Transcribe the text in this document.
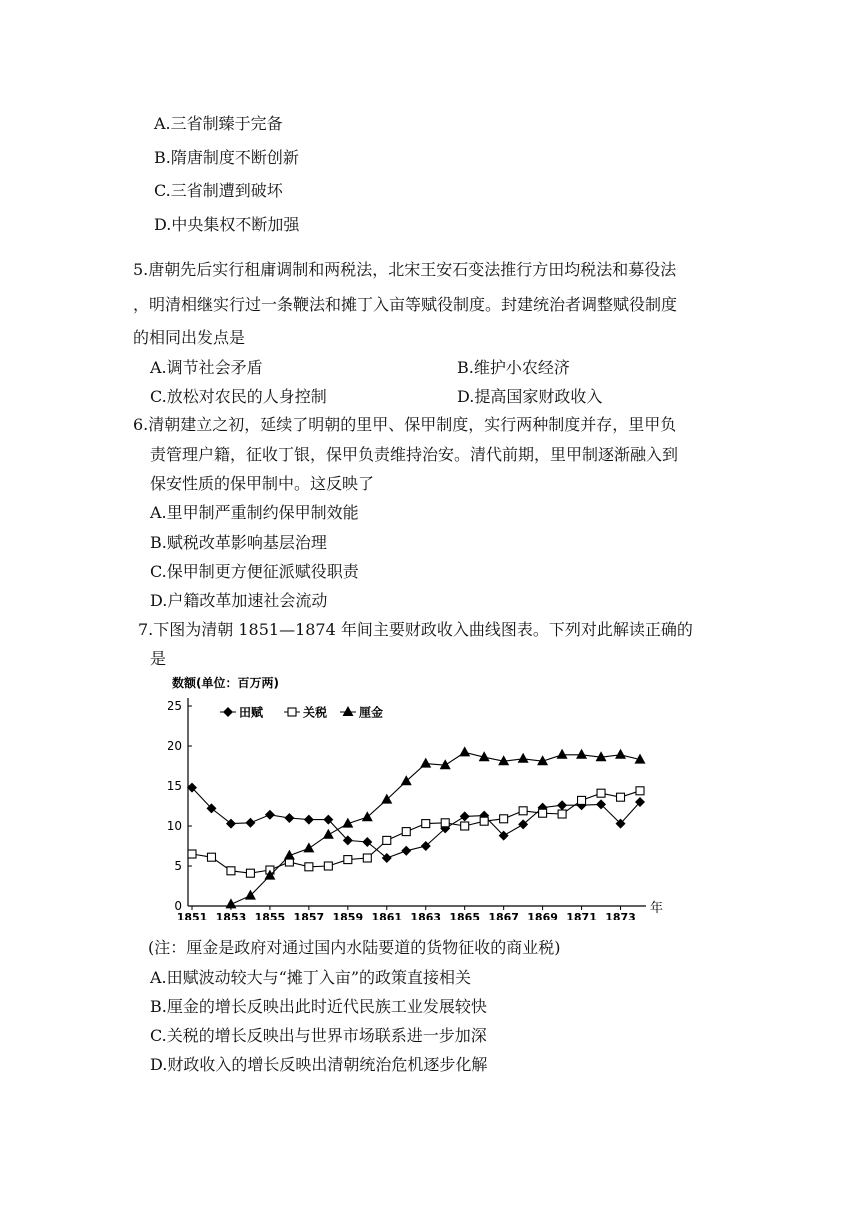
A.三省制臻于完备
B.隋唐制度不断创新
C.三省制遭到破坏
D.中央集权不断加强
5.唐朝先后实行租庸调制和两税法，北宋王安石变法推行方田均税法和募役法
，明清相继实行过一条鞭法和摊丁入亩等赋役制度。封建统治者调整赋役制度
的相同出发点是
A.调节社会矛盾	B.维护小农经济
C.放松对农民的人身控制	D.提高国家财政收入
6.清朝建立之初，延续了明朝的里甲、保甲制度，实行两种制度并存，里甲负
责管理户籍，征收丁银，保甲负责维持治安。清代前期，里甲制逐渐融入到
保安性质的保甲制中。这反映了
A.里甲制严重制约保甲制效能
B.赋税改革影响基层治理
C.保甲制更方便征派赋役职责
D.户籍改革加速社会流动
7.下图为清朝 1851—1874 年间主要财政收入曲线图表。下列对此解读正确的
是
数额(单位：百万两)
年
田赋	关税	厘金
0
5
10
15
20
25
1851 1853 1855 1857 1859 1861 1863 1865 1867 1869 1871 1873
(注：厘金是政府对通过国内水陆要道的货物征收的商业税)
A.田赋波动较大与“摊丁入亩”的政策直接相关
B.厘金的增长反映出此时近代民族工业发展较快
C.关税的增长反映出与世界市场联系进一步加深
D.财政收入的增长反映出清朝统治危机逐步化解
